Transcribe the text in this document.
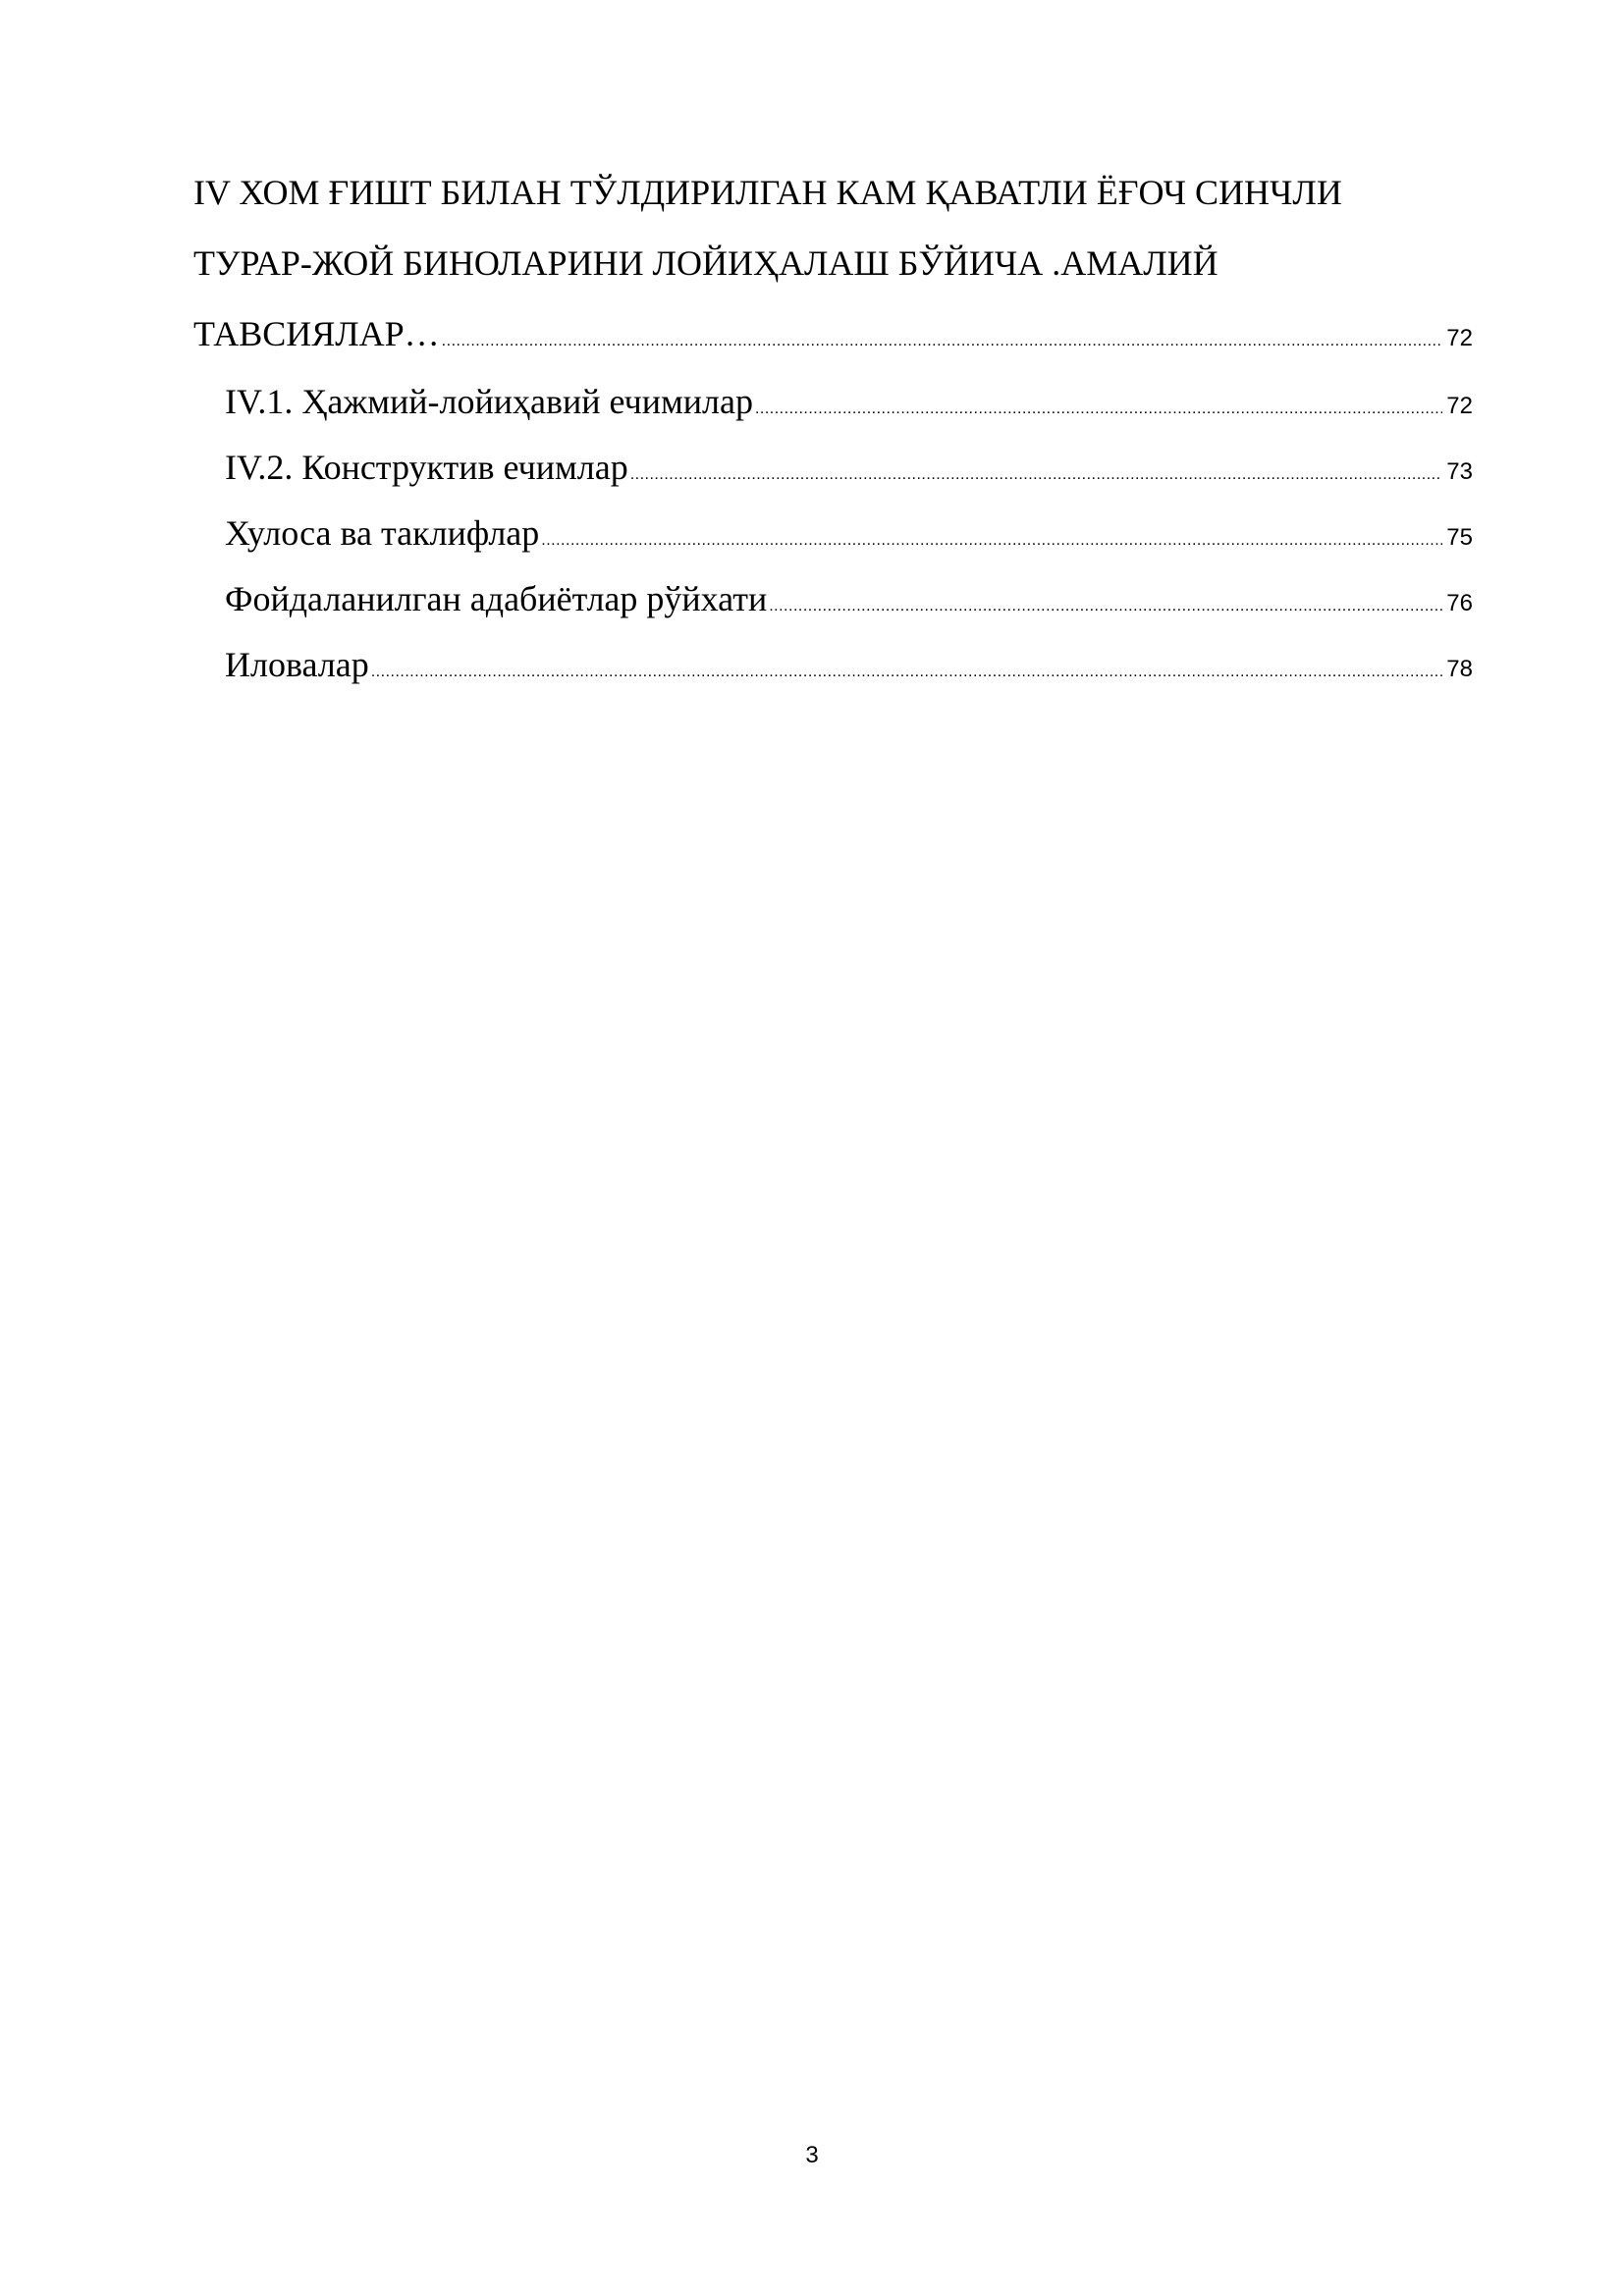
IV ХОМ ҒИШТ БИЛАН ТЎЛДИРИЛГАН КАМ ҚАВАТЛИ ЁҒОЧ СИНЧЛИ
ТУРАР-ЖОЙ БИНОЛАРИНИ ЛОЙИҲАЛАШ БЎЙИЧА .АМАЛИЙ
ТАВСИЯЛАР… .....	72
IV.1. Ҳажмий-лойиҳавий ечимилар .....	72
IV.2. Конструктив ечимлар .....	73
Хулоса ва таклифлар .....	75
Фойдаланилган адабиётлар рўйхати .....	76
Иловалар .....	78
3
